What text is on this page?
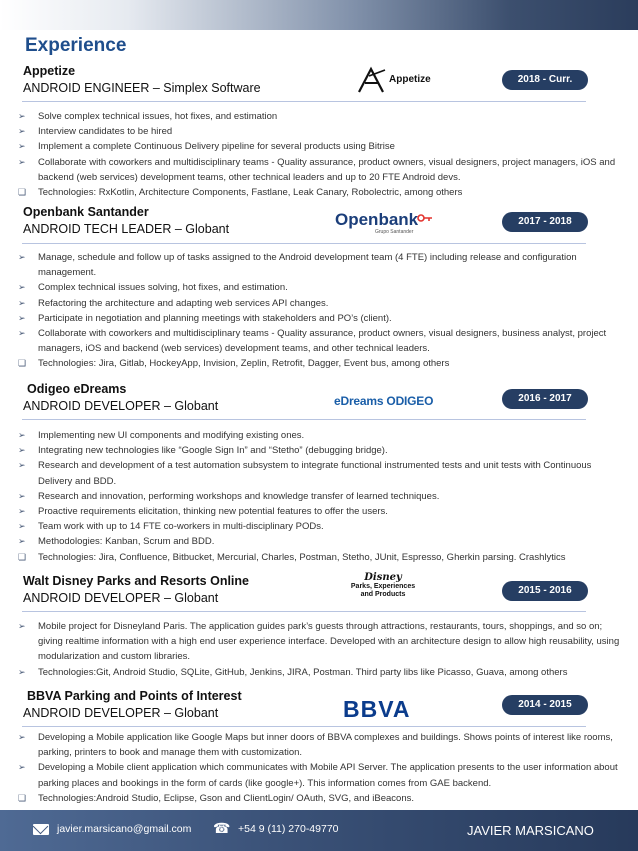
Experience
Appetize
ANDROID ENGINEER – Simplex Software
Appetize	2018 - Curr.
➢	Solve complex technical issues, hot fixes, and estimation
➢	Interview candidates to be hired
➢	Implement a complete Continuous Delivery pipeline for several products using Bitrise
➢	Collaborate with coworkers and multidisciplinary teams - Quality assurance, product owners, visual designers, project managers, iOS and backend (web services) development teams, other technical leaders and up to 20 FTE Android devs.
❏	Technologies: RxKotlin, Architecture Components, Fastlane, Leak Canary, Robolectric, among others
Openbank Santander
ANDROID TECH LEADER – Globant	Openbank
Grupo Santander
2017 - 2018
➢	Manage, schedule and follow up of tasks assigned to the Android development team (4 FTE) including release and configuration management.
➢	Complex technical issues solving, hot fixes, and estimation.
➢	Refactoring the architecture and adapting web services API changes.
➢	Participate in negotiation and planning meetings with stakeholders and PO’s (client).
➢	Collaborate with coworkers and multidisciplinary teams - Quality assurance, product owners, visual designers, business analyst, project managers, iOS and backend (web services) development teams, and other technical leaders.
❏	Technologies: Jira, Gitlab, HockeyApp, Invision, Zeplin, Retrofit, Dagger, Event bus, among others
Odigeo eDreams
ANDROID DEVELOPER – Globant	eDreams ODIGEO	2016 - 2017
➢	Implementing new UI components and modifying existing ones.
➢	Integrating new technologies like “Google Sign In” and “Stetho” (debugging bridge).
➢	Research and development of a test automation subsystem to integrate functional instrumented tests and unit tests with Continuous Delivery and BDD.
➢	Research and innovation, performing workshops and knowledge transfer of learned techniques.
➢	Proactive requirements elicitation, thinking new potential features to offer the users.
➢	Team work with up to 14 FTE co-workers in multi-disciplinary PODs.
➢	Methodologies: Kanban, Scrum and BDD.
❏	Technologies: Jira, Confluence, Bitbucket, Mercurial, Charles, Postman, Stetho, JUnit, Espresso, Gherkin parsing. Crashlytics
Walt Disney Parks and Resorts Online
ANDROID DEVELOPER – Globant
Disney
Parks, Experiences and Products	2015 - 2016
➢	Mobile project for Disneyland Paris. The application guides park’s guests through attractions, restaurants, tours, shoppings, and so on; giving realtime information with a high end user experience interface. Developed with an architecture design to allow high reusability, using modularization and custom libraries.
➢	Technologies:Git, Android Studio, SQLite, GitHub, Jenkins, JIRA, Postman. Third party libs like Picasso, Guava, among others
BBVA Parking and Points of Interest
ANDROID DEVELOPER – Globant	BBVA	2014 - 2015
➢	Developing a Mobile application like Google Maps but inner doors of BBVA complexes and buildings. Shows points of interest like rooms, parking, printers to book and manage them with customization.
➢	Developing a Mobile client application which communicates with Mobile API Server. The application presents to the user information about parking places and bookings in the form of cards (like google+). This information comes from GAE backend.
❏	Technologies:Android Studio, Eclipse, Gson and ClientLogin/ OAuth, SVG, and iBeacons.
javier.marsicano@gmail.com ☎ +54 9 (11) 270-49770	JAVIER MARSICANO
